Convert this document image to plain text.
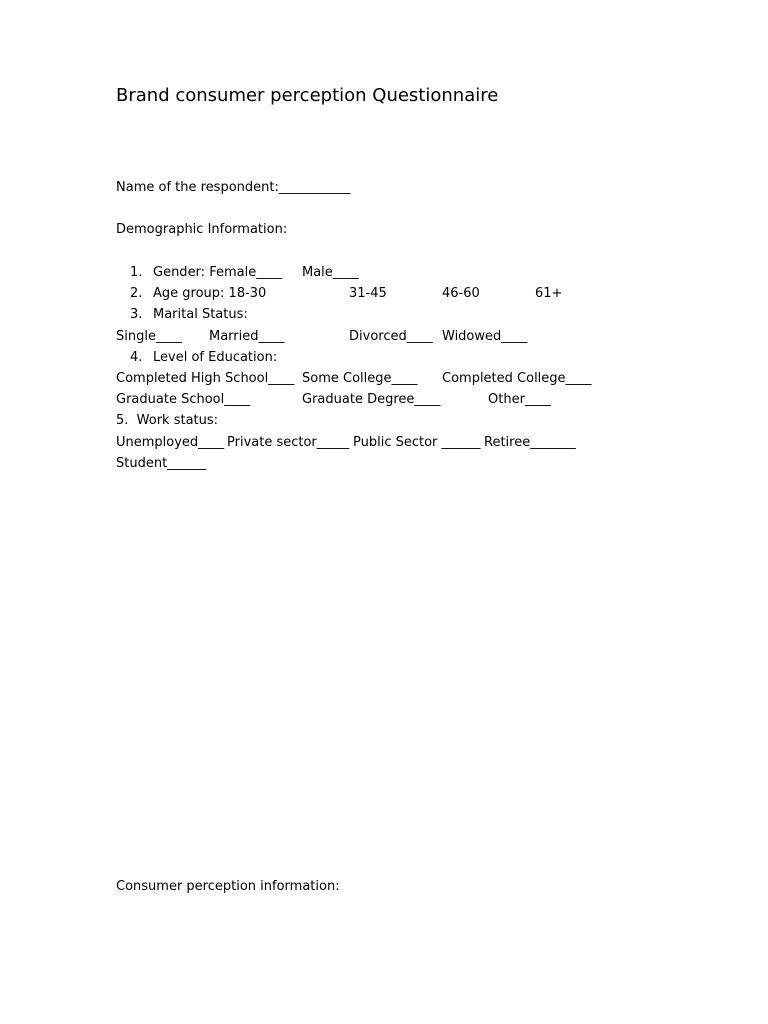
Brand consumer perception Questionnaire
Name of the respondent:___________
Demographic Information:
1. Gender: Female____ Male____
2. Age group: 18-30	31-45	46-60	61+
3. Marital Status:
Single____ Married____	Divorced____ Widowed____
4. Level of Education:
Completed High School____ Some College____ Completed College____
Graduate School____	Graduate Degree____	Other____
5.  Work status:
Unemployed____ Private sector_____ Public Sector ______ Retiree_______
Student______
Consumer perception information:
